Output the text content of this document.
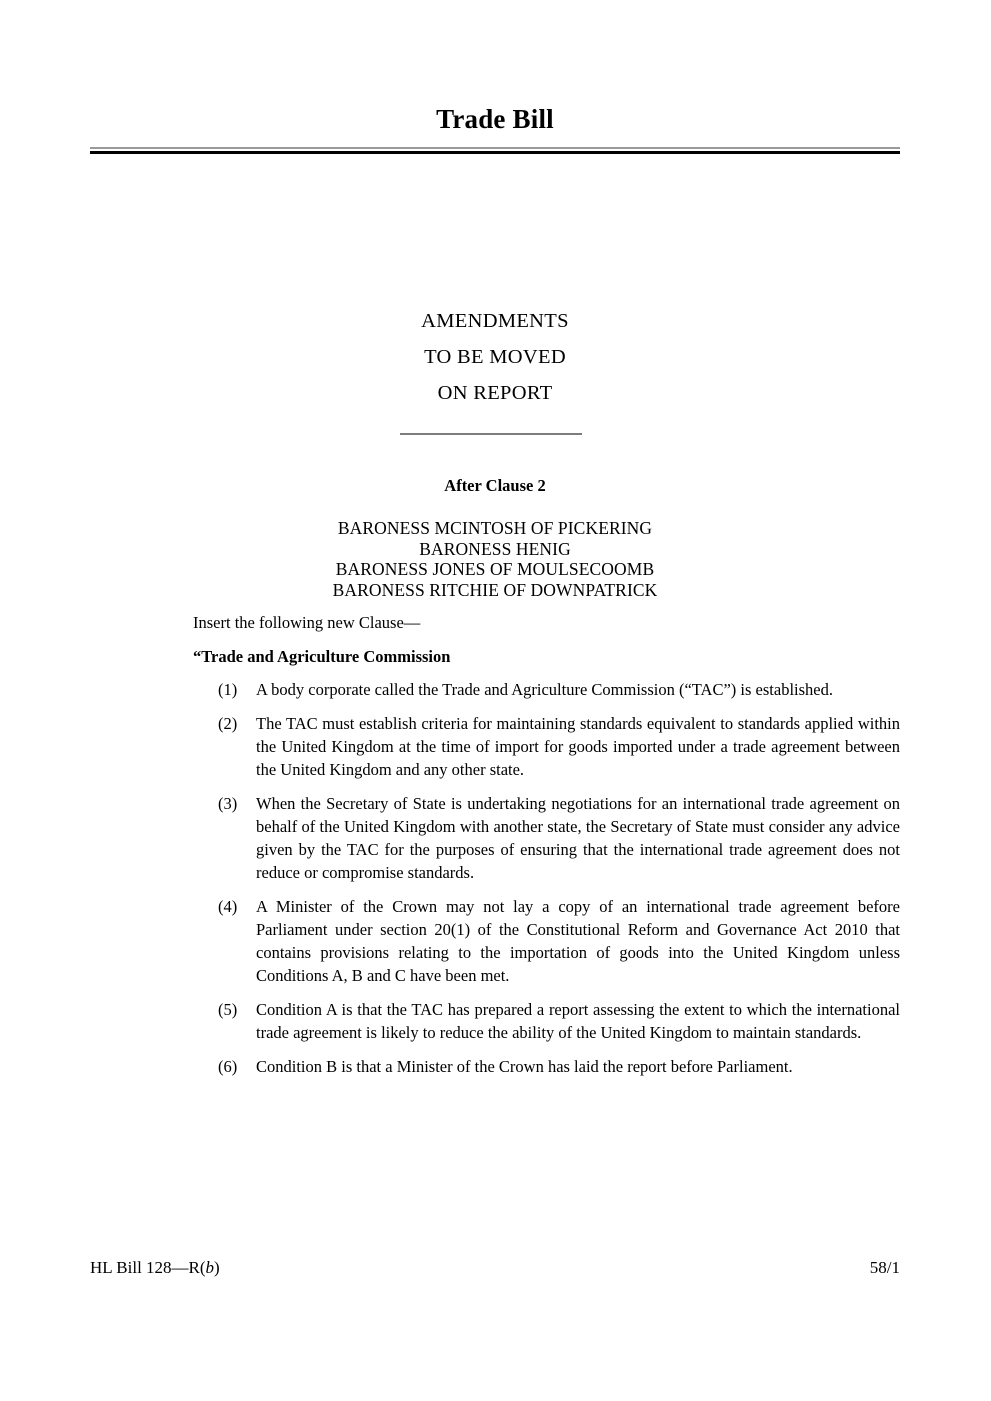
Trade Bill
AMENDMENTS
TO BE MOVED
ON REPORT
After Clause 2
BARONESS MCINTOSH OF PICKERING
BARONESS HENIG
BARONESS JONES OF MOULSECOOMB
BARONESS RITCHIE OF DOWNPATRICK

Insert the following new Clause—

“Trade and Agriculture Commission

(1)	A body corporate called the Trade and Agriculture Commission (“TAC”) is established.
(2)	The TAC must establish criteria for maintaining standards equivalent to standards applied within the United Kingdom at the time of import for goods imported under a trade agreement between the United Kingdom and any other state.
(3)	When the Secretary of State is undertaking negotiations for an international trade agreement on behalf of the United Kingdom with another state, the Secretary of State must consider any advice given by the TAC for the purposes of ensuring that the international trade agreement does not reduce or compromise standards.
(4)	A Minister of the Crown may not lay a copy of an international trade agreement before Parliament under section 20(1) of the Constitutional Reform and Governance Act 2010 that contains provisions relating to the importation of goods into the United Kingdom unless Conditions A, B and C have been met.
(5)	Condition A is that the TAC has prepared a report assessing the extent to which the international trade agreement is likely to reduce the ability of the United Kingdom to maintain standards.
(6)	Condition B is that a Minister of the Crown has laid the report before Parliament.
HL Bill 128—R(b)	58/1
